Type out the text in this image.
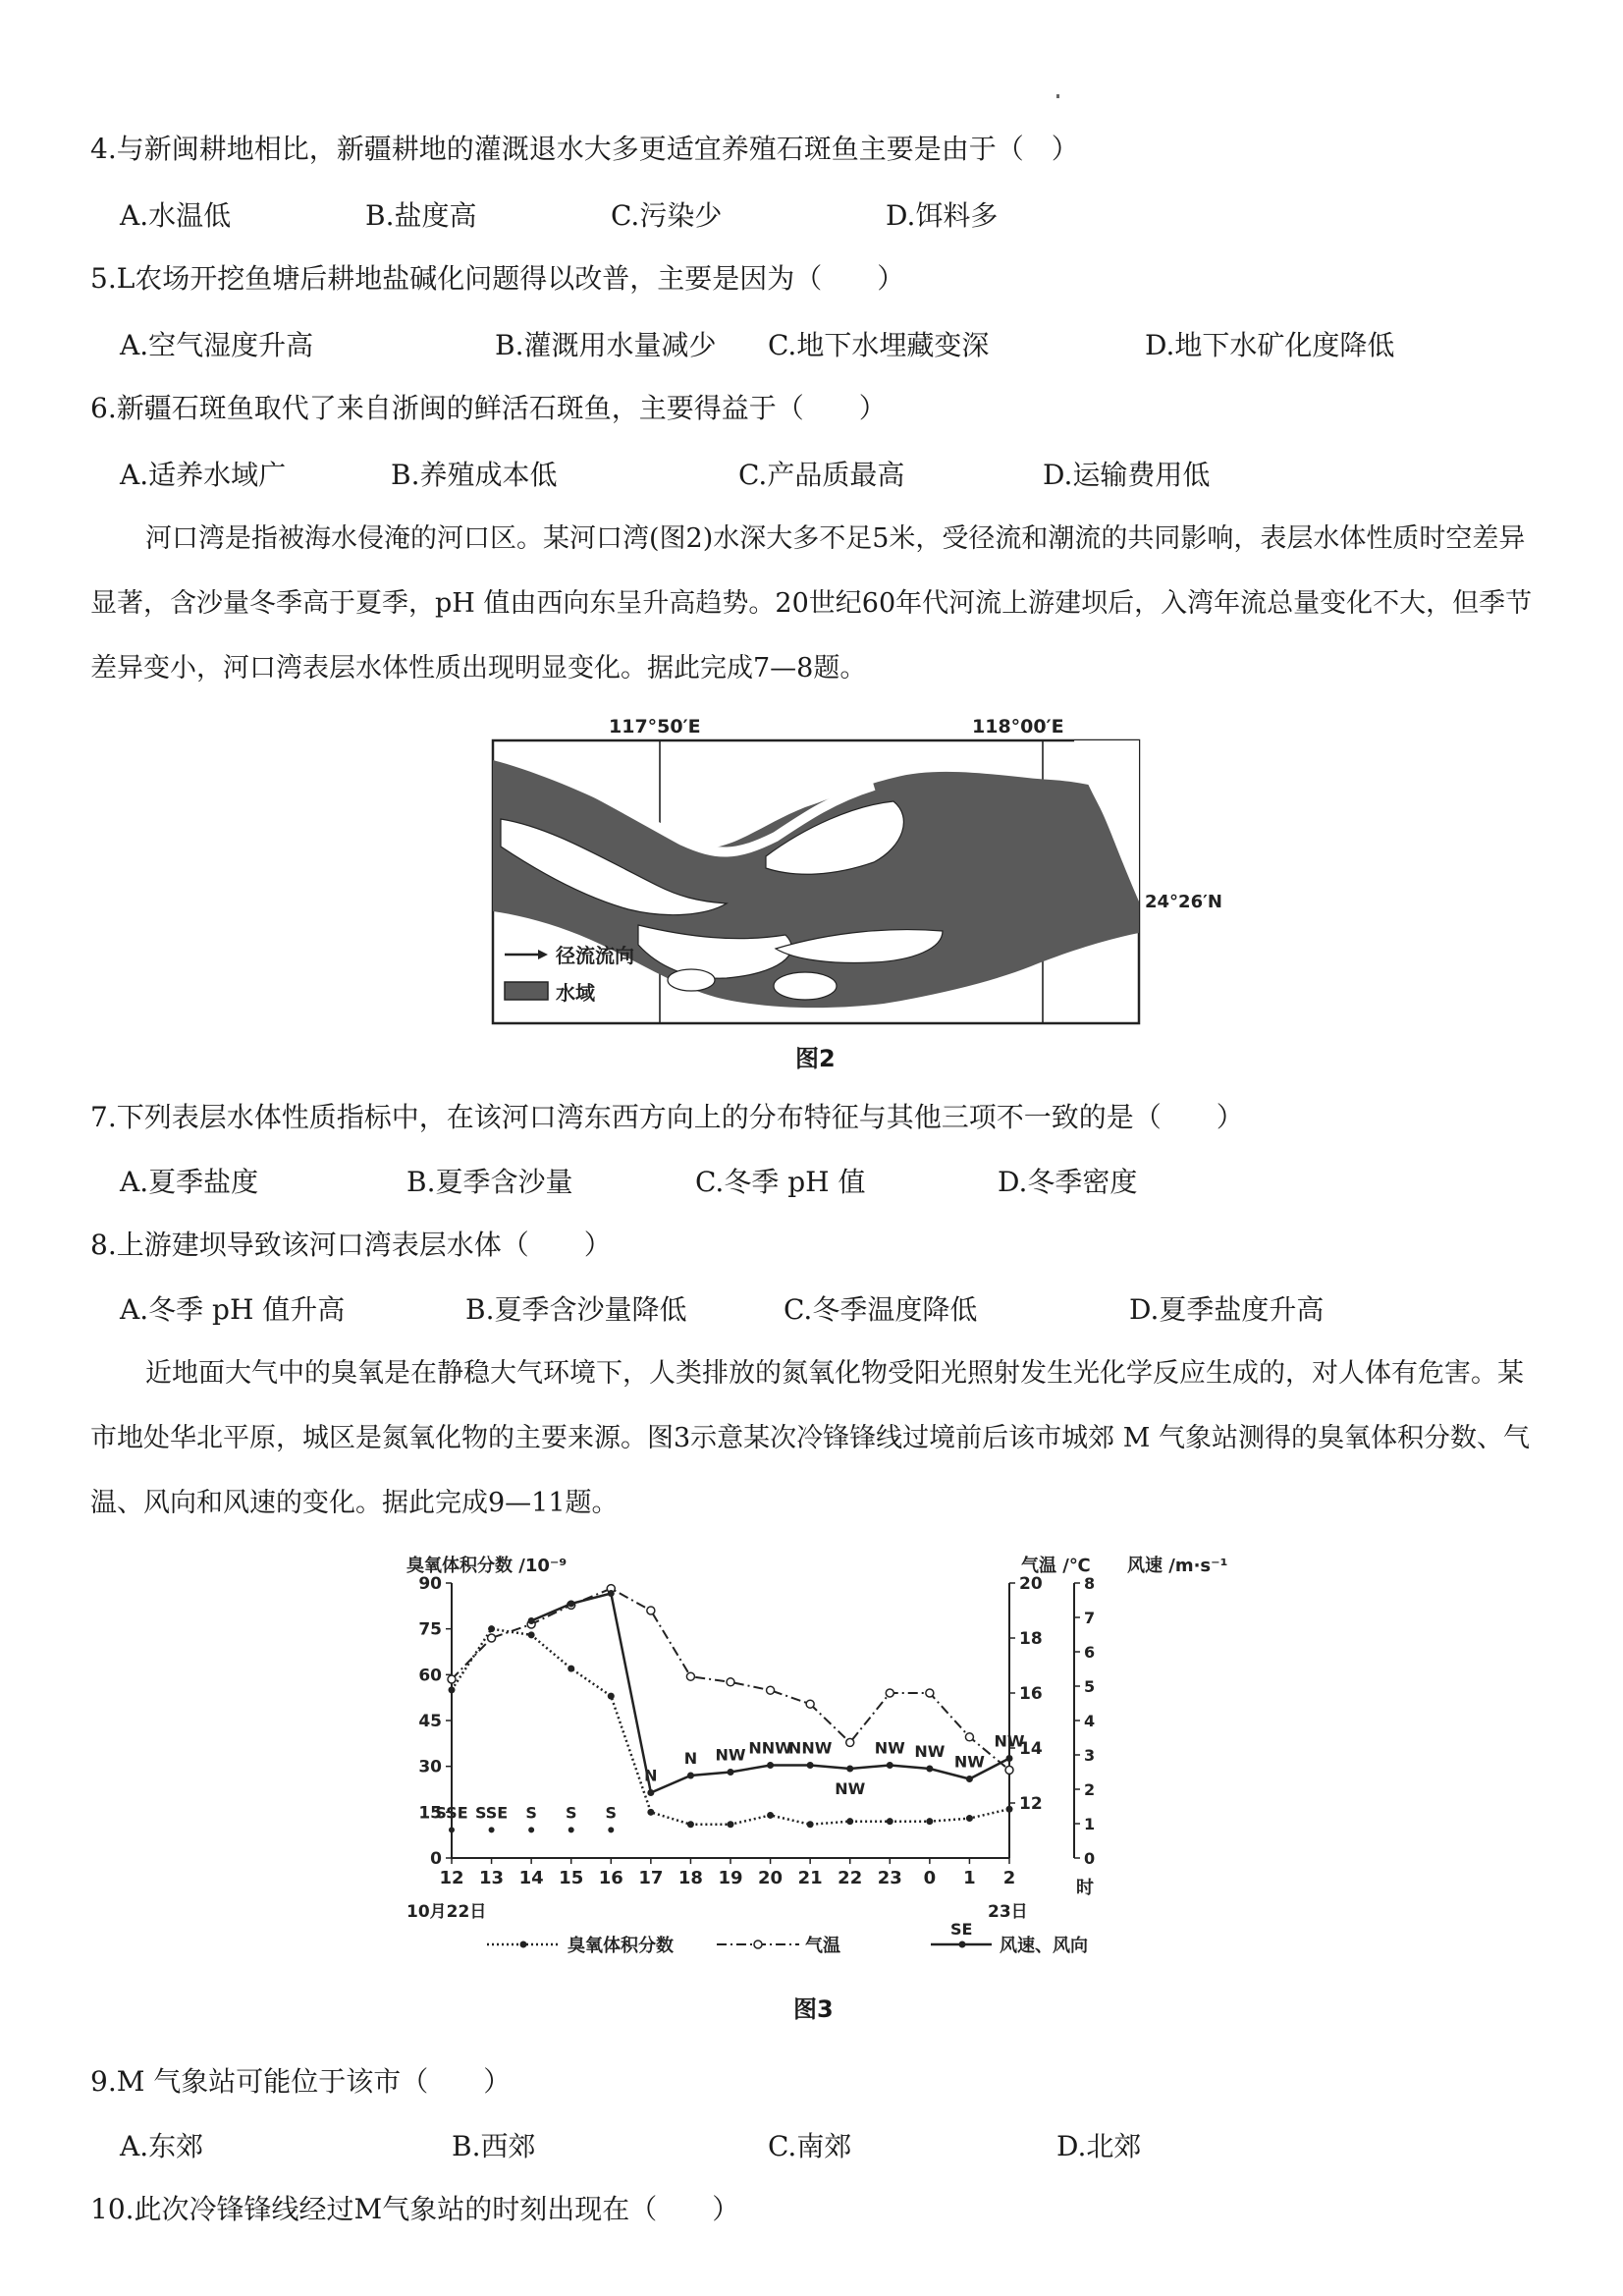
4.与新闽耕地相比，新疆耕地的灌溉退水大多更适宜养殖石斑鱼主要是由于（　）
A.水温低	B.盐度高	C.污染少	D.饵料多
5.L农场开挖鱼塘后耕地盐碱化问题得以改普，主要是因为（　　）
A.空气湿度升高	B.灌溉用水量减少 C.地下水埋藏变深	D.地下水矿化度降低
6.新疆石斑鱼取代了来自浙闽的鲜活石斑鱼，主要得益于（　　）
A.适养水域广	B.养殖成本低	C.产品质最高	D.运输费用低
河口湾是指被海水侵淹的河口区。某河口湾(图2)水深大多不足5米，受径流和潮流的共同影响，表层水体性质时空差异显著，含沙量冬季高于夏季，pH 值由西向东呈升高趋势。20世纪60年代河流上游建坝后，入湾年流总量变化不大，但季节差异变小，河口湾表层水体性质出现明显变化。据此完成7—8题。
117°50′E	118°00′E
24°26′N
径流流向
水域
图2
7.下列表层水体性质指标中，在该河口湾东西方向上的分布特征与其他三项不一致的是（　　）
A.夏季盐度	B.夏季含沙量	C.冬季 pH 值	D.冬季密度
8.上游建坝导致该河口湾表层水体（　　）
A.冬季 pH 值升高	B.夏季含沙量降低	C.冬季温度降低	D.夏季盐度升高
近地面大气中的臭氧是在静稳大气环境下，人类排放的氮氧化物受阳光照射发生光化学反应生成的，对人体有危害。某市地处华北平原，城区是氮氧化物的主要来源。图3示意某次冷锋锋线过境前后该市城郊 M 气象站测得的臭氧体积分数、气温、风向和风速的变化。据此完成9—11题。
臭氧体积分数 /10⁻⁹	气温 /℃ 风速 /m·s⁻¹
10月22日	23日
时
臭氧体积分数	气温
SE
风速、风向
0
15
30
45
60
75
90
12
14
16
18
20
0
1
2
3
4
5
6
7
8
12 13 14 15 16 17 18 19 20 21 22 23 0 1 2
SSE SSE S S S
N
N NW NNW
NNW
NW
NW NW
NW
NW
图3
9.M 气象站可能位于该市（　　）
A.东郊	B.西郊	C.南郊	D.北郊
10.此次冷锋锋线经过M气象站的时刻出现在（　　）
